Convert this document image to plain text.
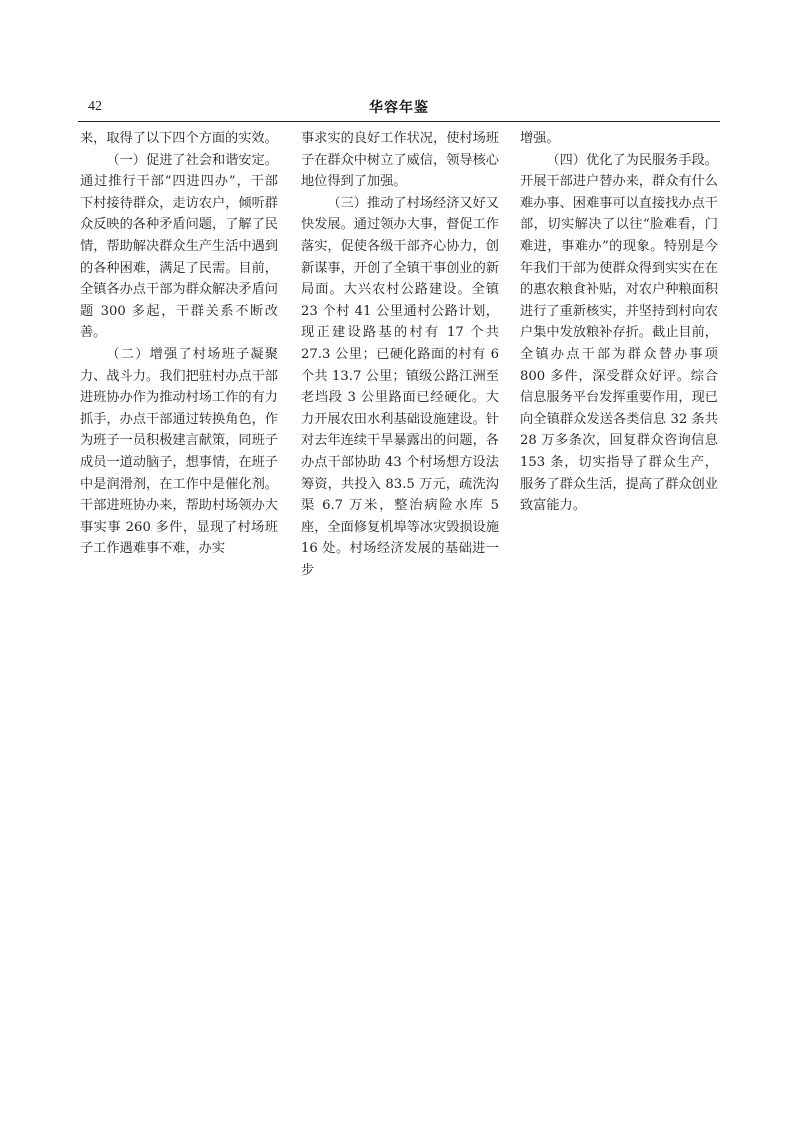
42	华容年鉴

来，取得了以下四个方面的实效。

（一）促进了社会和谐安定。通过推行干部“四进四办”，干部下村接待群众，走访农户，倾听群众反映的各种矛盾问题，了解了民情，帮助解决群众生产生活中遇到的各种困难，满足了民需。目前，全镇各办点干部为群众解决矛盾问题 300 多起，干群关系不断改善。

（二）增强了村场班子凝聚力、战斗力。我们把驻村办点干部进班协办作为推动村场工作的有力抓手，办点干部通过转换角色，作为班子一员积极建言献策，同班子成员一道动脑子，想事情，在班子中是润滑剂，在工作中是催化剂。干部进班协办来，帮助村场领办大事实事 260 多件，显现了村场班子工作遇难事不难，办实

事求实的良好工作状况，使村场班子在群众中树立了威信，领导核心地位得到了加强。

（三）推动了村场经济又好又快发展。通过领办大事，督促工作落实，促使各级干部齐心协力，创新谋事，开创了全镇干事创业的新局面。大兴农村公路建设。全镇 23 个村 41 公里通村公路计划，现正建设路基的村有 17 个共 27.3 公里；已硬化路面的村有 6 个共 13.7 公里；镇级公路江洲至老垱段 3 公里路面已经硬化。大力开展农田水利基础设施建设。针对去年连续干旱暴露出的问题，各办点干部协助 43 个村场想方设法筹资，共投入 83.5 万元，疏洗沟渠 6.7 万米，整治病险水库 5 座，全面修复机埠等冰灾毁损设施 16 处。村场经济发展的基础进一步

增强。

（四）优化了为民服务手段。开展干部进户替办来，群众有什么难办事、困难事可以直接找办点干部，切实解决了以往“脸难看，门难进，事难办”的现象。特别是今年我们干部为使群众得到实实在在的惠农粮食补贴，对农户种粮面积进行了重新核实，并坚持到村向农户集中发放粮补存折。截止目前，全镇办点干部为群众替办事项 800 多件，深受群众好评。综合信息服务平台发挥重要作用，现已向全镇群众发送各类信息 32 条共 28 万多条次，回复群众咨询信息 153 条，切实指导了群众生产，服务了群众生活，提高了群众创业致富能力。
